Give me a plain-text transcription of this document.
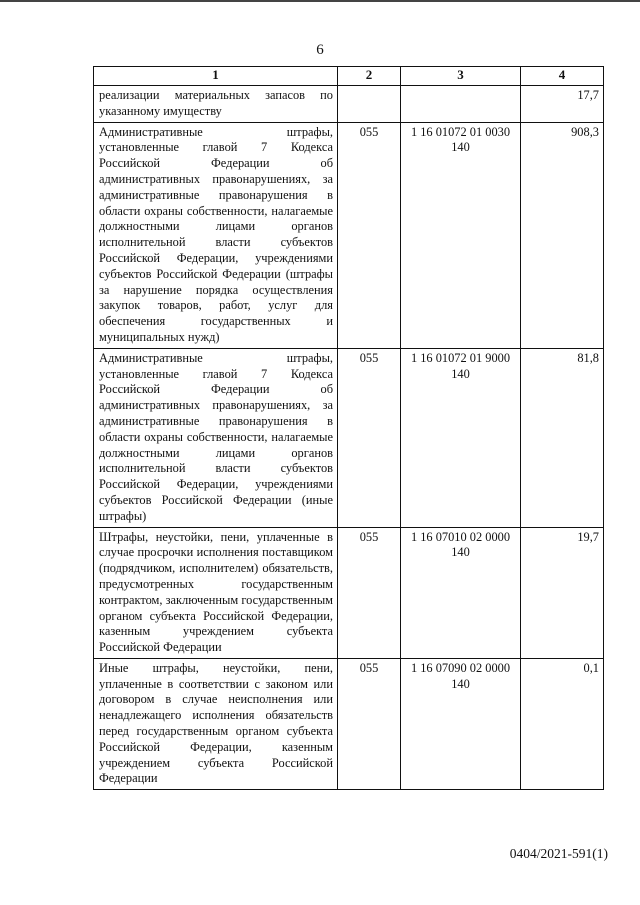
6
1	2	3	4

реализации материальных запасов по указанному имуществу			17,7

Административные штрафы, установленные главой 7 Кодекса Российской Федерации об административных правонарушениях, за административные правонарушения в области охраны собственности, налагаемые должностными лицами органов исполнительной власти субъектов Российской Федерации, учреждениями субъектов Российской Федерации (штрафы за нарушение порядка осуществления закупок товаров, работ, услуг для обеспечения государственных и муниципальных нужд)	055	1 16 01072 01 0030 140	908,3

Административные штрафы, установленные главой 7 Кодекса Российской Федерации об административных правонарушениях, за административные правонарушения в области охраны собственности, налагаемые должностными лицами органов исполнительной власти субъектов Российской Федерации, учреждениями субъектов Российской Федерации (иные штрафы)	055	1 16 01072 01 9000 140	81,8

Штрафы, неустойки, пени, уплаченные в случае просрочки исполнения поставщиком (подрядчиком, исполнителем) обязательств, предусмотренных государственным контрактом, заключенным государственным органом субъекта Российской Федерации, казенным учреждением субъекта Российской Федерации	055	1 16 07010 02 0000 140	19,7

Иные штрафы, неустойки, пени, уплаченные в соответствии с законом или договором в случае неисполнения или ненадлежащего исполнения обязательств перед государственным органом субъекта Российской Федерации, казенным учреждением субъекта Российской Федерации	055	1 16 07090 02 0000 140	0,1
0404/2021-591(1)
